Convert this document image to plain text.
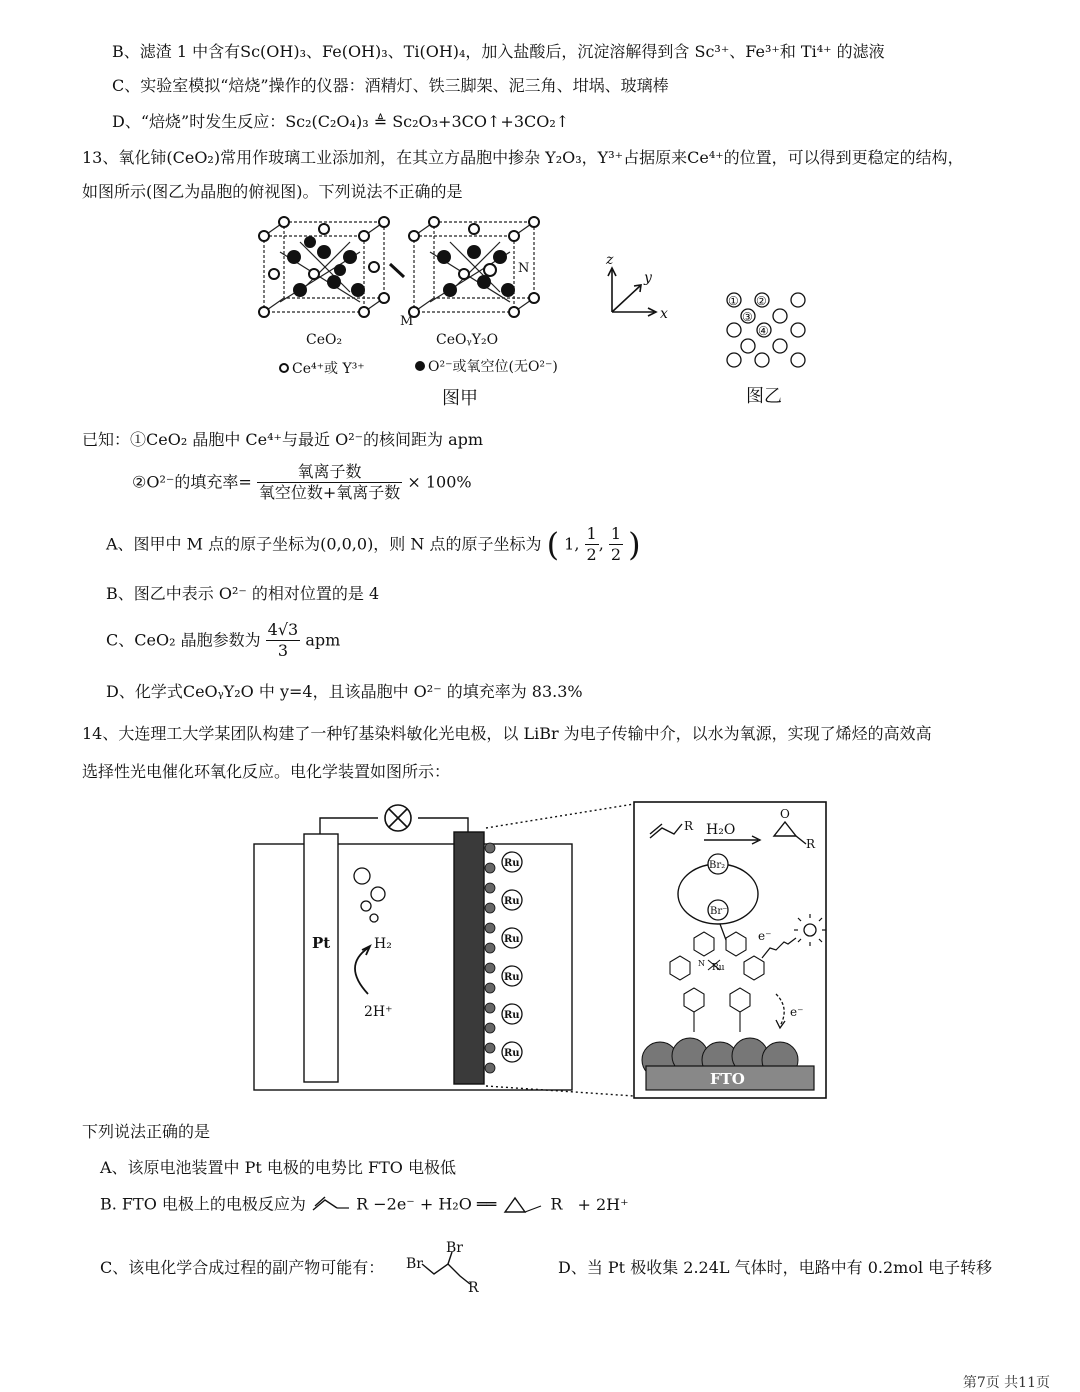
B、滤渣 1 中含有Sc(OH)₃、Fe(OH)₃、Ti(OH)₄，加入盐酸后，沉淀溶解得到含 Sc³⁺、Fe³⁺和 Ti⁴⁺ 的滤液
C、实验室模拟“焙烧”操作的仪器：酒精灯、铁三脚架、泥三角、坩埚、玻璃棒
D、“焙烧”时发生反应：Sc₂(C₂O₄)₃ ≜ Sc₂O₃+3CO↑+3CO₂↑
13、氧化铈(CeO₂)常用作玻璃工业添加剂，在其立方晶胞中掺杂 Y₂O₃，Y³⁺占据原来Ce⁴⁺的位置，可以得到更稳定的结构，
如图所示(图乙为晶胞的俯视图)。下列说法不正确的是
M
N
CeO₂	CeOᵧY₂O
Ce⁴⁺或 Y³⁺	O²⁻或氧空位(无O²⁻)
图甲
z
y
x
① ②
③
④
图乙
已知：①CeO₂ 晶胞中 Ce⁴⁺与最近 O²⁻的核间距为 apm
②O²⁻的填充率= $\frac{\text{氧离子数}}{\text{氧空位数+氧离子数}} \times 100\%$
A、图甲中 M 点的原子坐标为(0,0,0)，则 N 点的原子坐标为 ( 1, $\frac{1}{2}$ , $\frac{1}{2}$ )
B、图乙中表示 O²⁻ 的相对位置的是 4
C、CeO₂ 晶胞参数为 $\frac{4√3}{3}$ apm
D、化学式CeOᵧY₂O 中 y=4，且该晶胞中 O²⁻ 的填充率为 83.3%
14、大连理工大学某团队构建了一种钌基染料敏化光电极，以 LiBr 为电子传输中介，以水为氧源，实现了烯烃的高效高
选择性光电催化环氧化反应。电化学装置如图所示：
Pt	H₂
2H⁺
Ru
Ru
Ru
Ru
Ru
Ru
R H₂O
O
R
Br₂
Br⁻
e⁻
Ru
N
e⁻
FTO
下列说法正确的是
A、该原电池装置中 Pt 电极的电势比 FTO 电极低
B. FTO 电极上的电极反应为	R −2e⁻ + H₂O ══	R + 2H⁺
C、该电化学合成过程的副产物可能有： Br
Br
R
D、当 Pt 极收集 2.24L 气体时，电路中有 0.2mol 电子转移
第7页 共11页
